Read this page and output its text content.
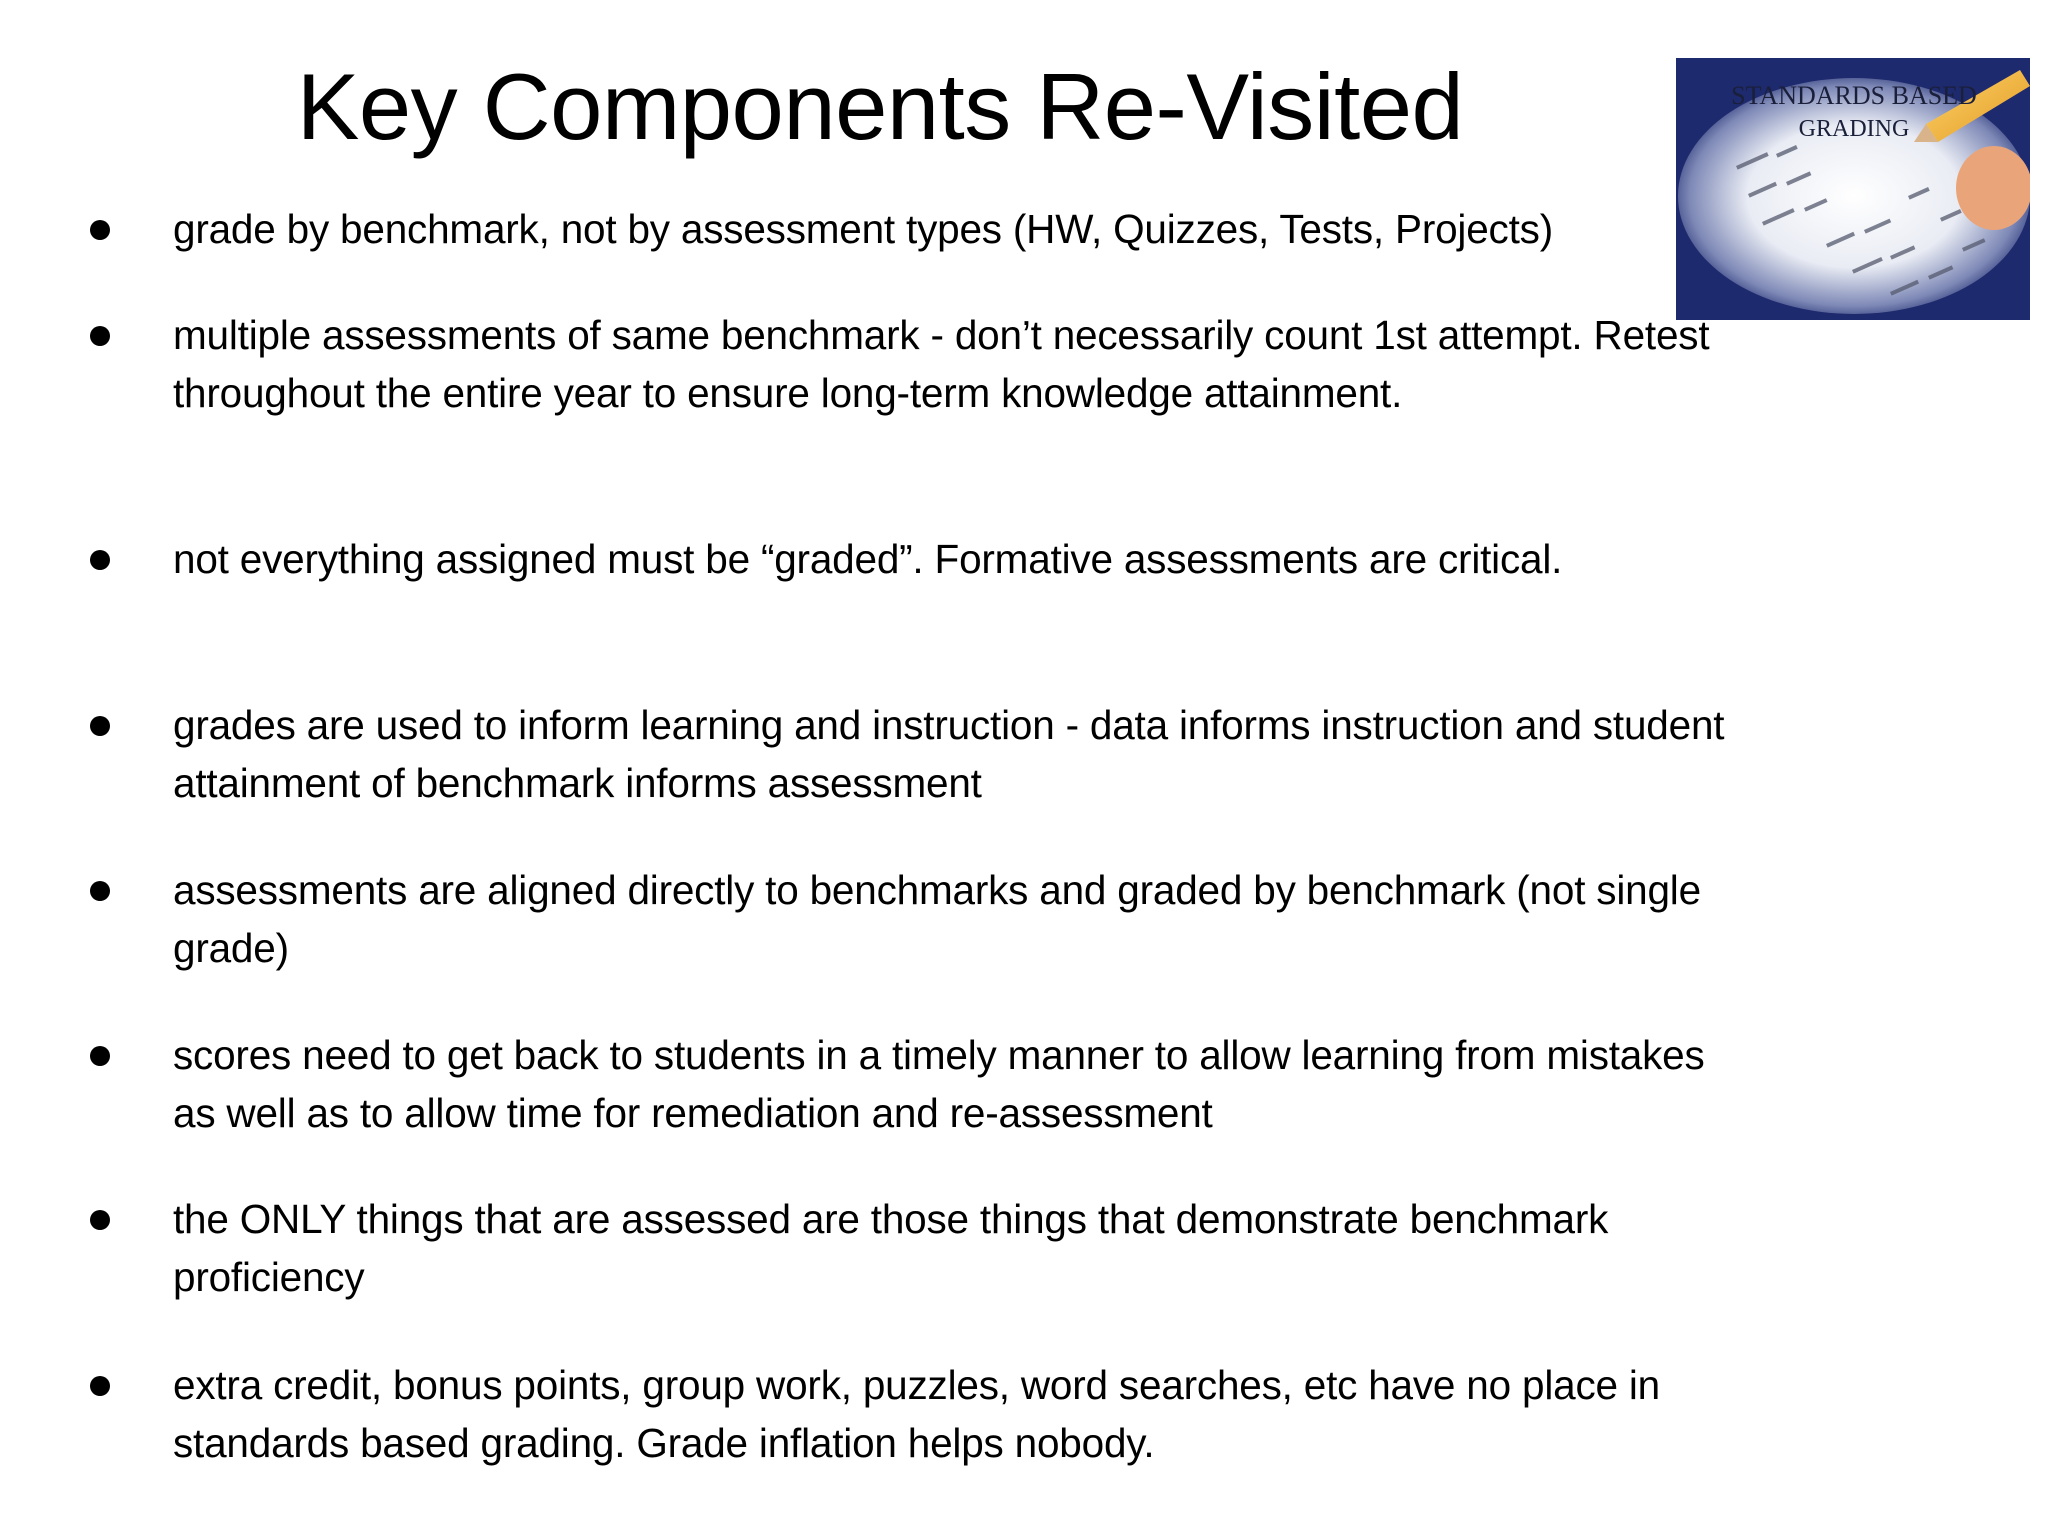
Key Components Re-Visited	STANDARDS BASED
GRADING
grade by benchmark, not by assessment types (HW, Quizzes, Tests, Projects)
multiple assessments of same benchmark - don’t necessarily count 1st attempt. Retest throughout the entire year to ensure long-term knowledge attainment.
not everything assigned must be “graded”. Formative assessments are critical.
grades are used to inform learning and instruction - data informs instruction and student attainment of benchmark informs assessment
assessments are aligned directly to benchmarks and graded by benchmark (not single grade)
scores need to get back to students in a timely manner to allow learning from mistakes as well as to allow time for remediation and re-assessment
the ONLY things that are assessed are those things that demonstrate benchmark proficiency
extra credit, bonus points, group work, puzzles, word searches, etc have no place in standards based grading. Grade inflation helps nobody.
